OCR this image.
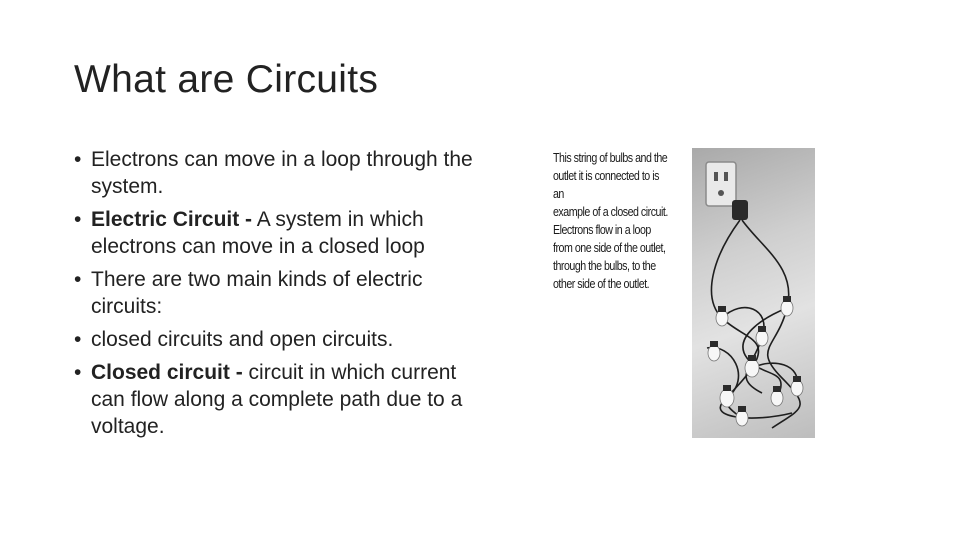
What are Circuits
• Electrons can move in a loop through the system.
• Electric Circuit - A system in which electrons can move in a closed loop
• There are two main kinds of electric circuits:
• closed circuits and open circuits.
• Closed circuit - circuit in which current can flow along a complete path due to a voltage.
This string of bulbs and the
outlet it is connected to is an
example of a closed circuit.
Electrons flow in a loop
from one side of the outlet,
through the bulbs, to the
other side of the outlet.
